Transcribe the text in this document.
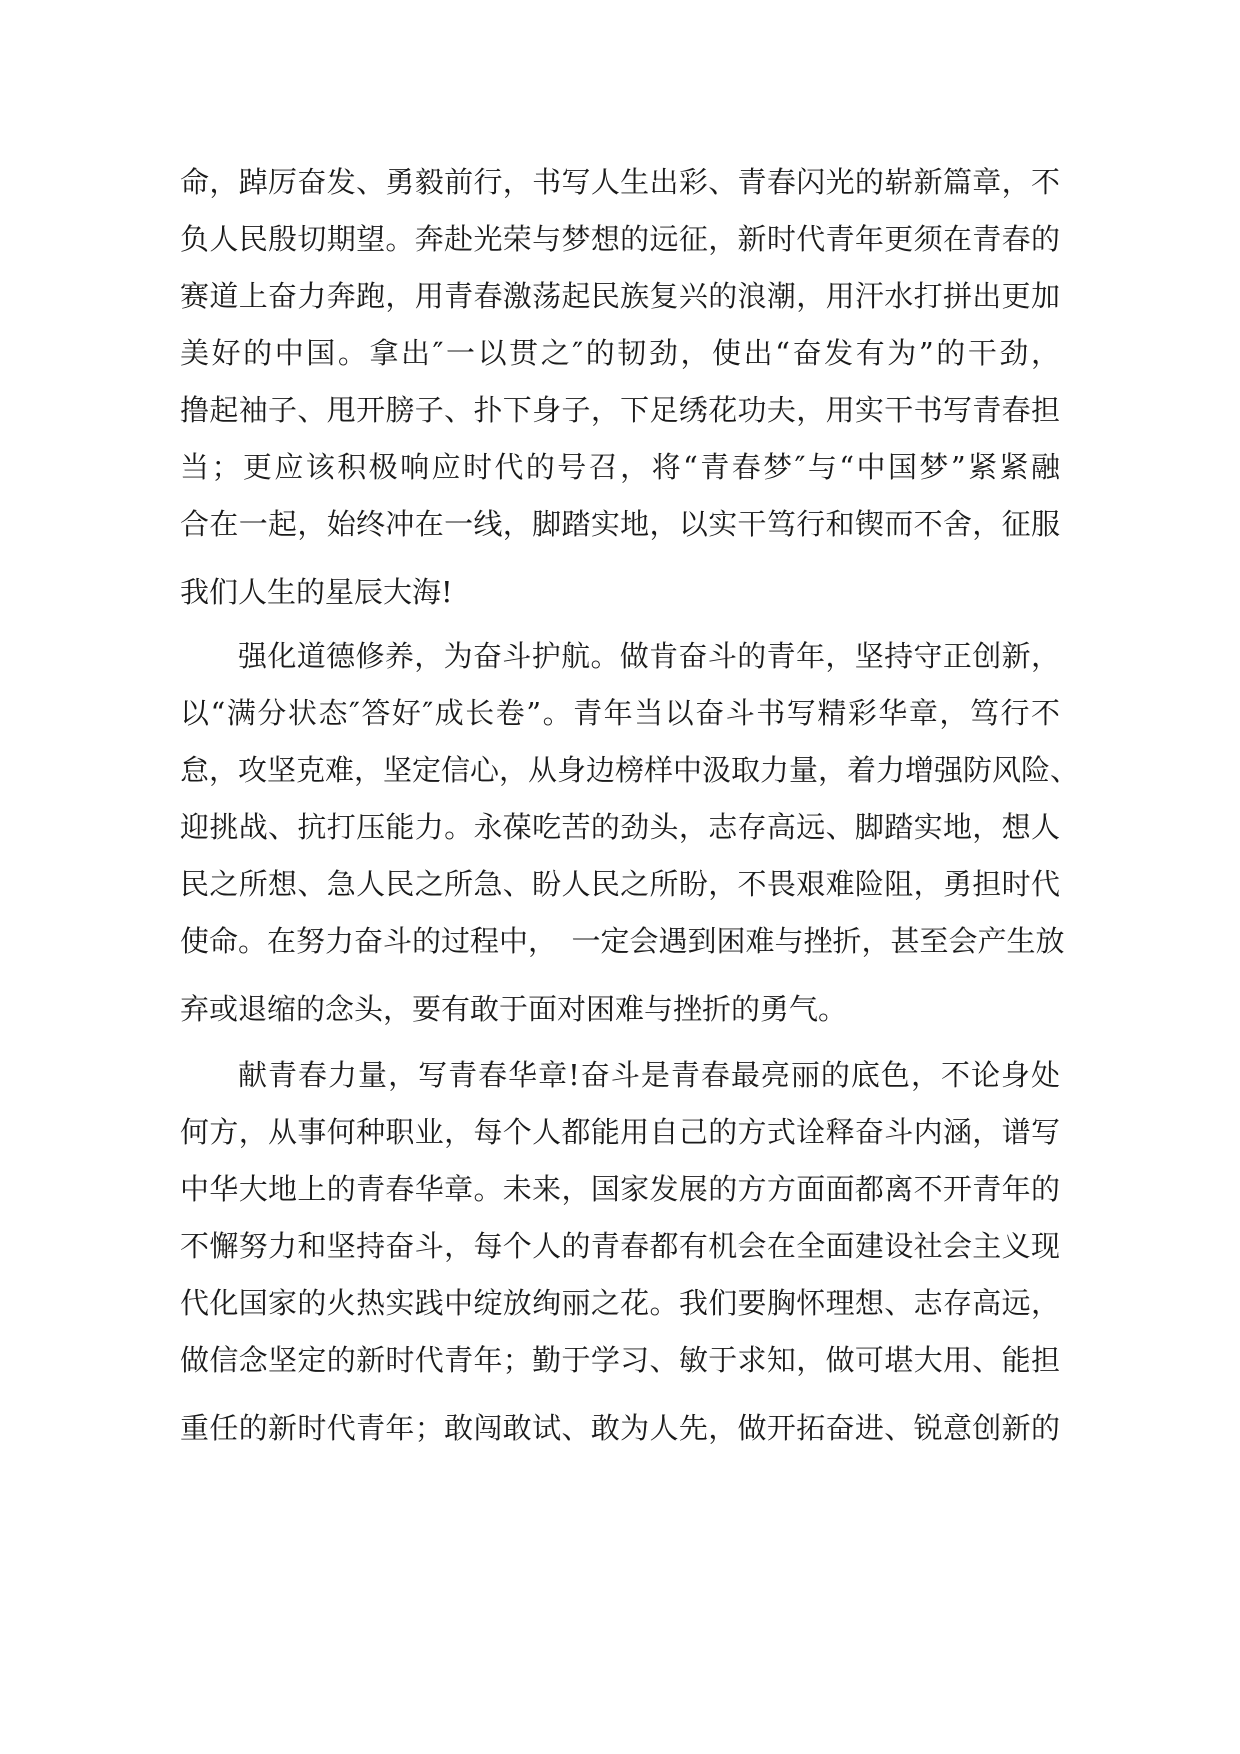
命，踔厉奋发、勇毅前行，书写人生出彩、青春闪光的崭新篇章，不
负人民殷切期望。奔赴光荣与梦想的远征，新时代青年更须在青春的
赛道上奋力奔跑，用青春激荡起民族复兴的浪潮，用汗水打拼出更加
美好的中国。拿出″一以贯之″的韧劲，使出“奋发有为”的干劲，
撸起袖子、甩开膀子、扑下身子，下足绣花功夫，用实干书写青春担
当；更应该积极响应时代的号召，将“青春梦″与“中国梦”紧紧融
合在一起，始终冲在一线，脚踏实地，以实干笃行和锲而不舍，征服
我们人生的星辰大海!
强化道德修养，为奋斗护航。做肯奋斗的青年，坚持守正创新，
以“满分状态″答好″成长卷”。青年当以奋斗书写精彩华章，笃行不
怠，攻坚克难，坚定信心，从身边榜样中汲取力量，着力增强防风险、
迎挑战、抗打压能力。永葆吃苦的劲头，志存高远、脚踏实地，想人
民之所想、急人民之所急、盼人民之所盼，不畏艰难险阻，勇担时代
使命。在努力奋斗的过程中，　一定会遇到困难与挫折，甚至会产生放
弃或退缩的念头，要有敢于面对困难与挫折的勇气。
献青春力量，写青春华章!奋斗是青春最亮丽的底色，不论身处
何方，从事何种职业，每个人都能用自己的方式诠释奋斗内涵，谱写
中华大地上的青春华章。未来，国家发展的方方面面都离不开青年的
不懈努力和坚持奋斗，每个人的青春都有机会在全面建设社会主义现
代化国家的火热实践中绽放绚丽之花。我们要胸怀理想、志存高远，
做信念坚定的新时代青年；勤于学习、敏于求知，做可堪大用、能担
重任的新时代青年；敢闯敢试、敢为人先，做开拓奋进、锐意创新的
